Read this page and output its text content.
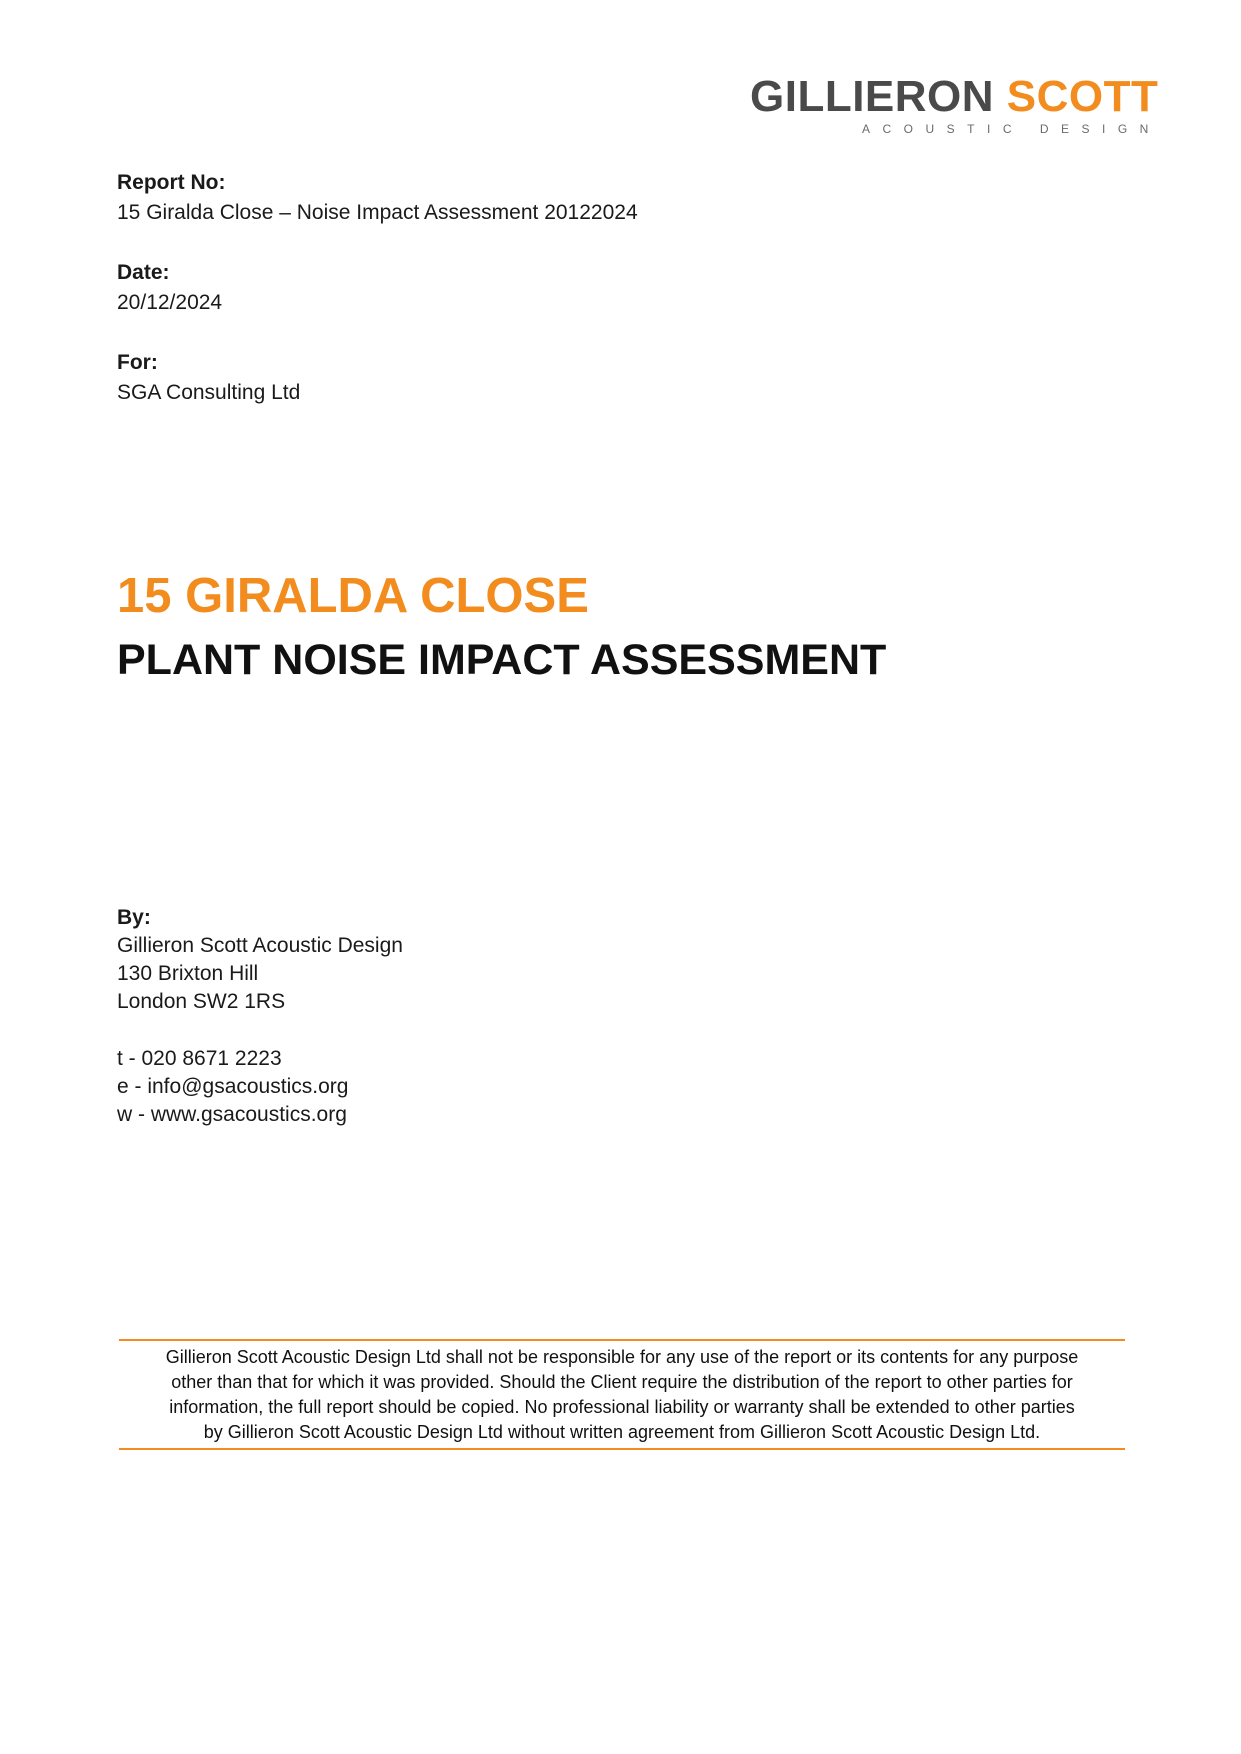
GILLIERON SCOTT
ACOUSTIC DESIGN
Report No:
15 Giralda Close – Noise Impact Assessment 20122024
Date:
20/12/2024
For:
SGA Consulting Ltd
15 GIRALDA CLOSE
PLANT NOISE IMPACT ASSESSMENT
By:
Gillieron Scott Acoustic Design
130 Brixton Hill
London SW2 1RS
t - 020 8671 2223
e - info@gsacoustics.org
w - www.gsacoustics.org
Gillieron Scott Acoustic Design Ltd shall not be responsible for any use of the report or its contents for any purpose
other than that for which it was provided. Should the Client require the distribution of the report to other parties for
information, the full report should be copied. No professional liability or warranty shall be extended to other parties
by Gillieron Scott Acoustic Design Ltd without written agreement from Gillieron Scott Acoustic Design Ltd.
